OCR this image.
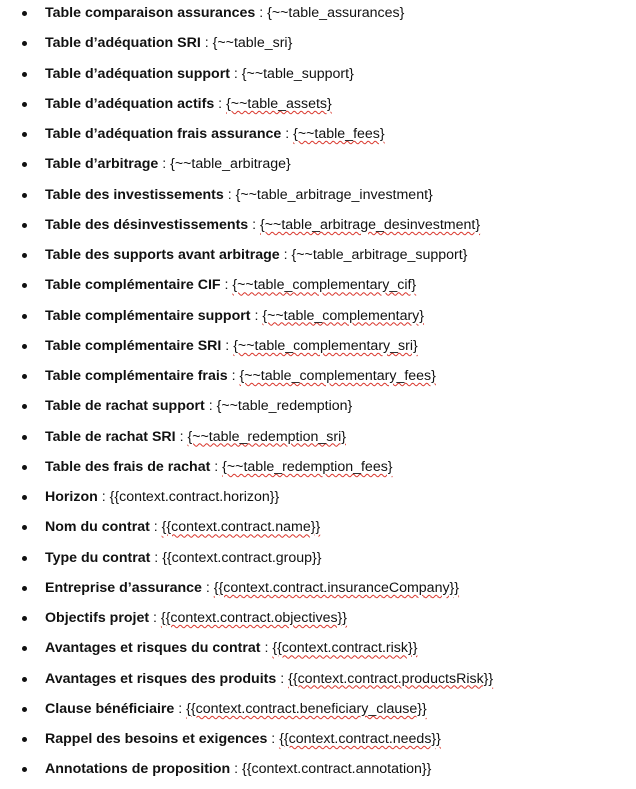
Table comparaison assurances : {~~table_assurances}
Table d’adéquation SRI : {~~table_sri}
Table d’adéquation support : {~~table_support}
Table d’adéquation actifs : {~~table_assets}
Table d’adéquation frais assurance : {~~table_fees}
Table d’arbitrage : {~~table_arbitrage}
Table des investissements : {~~table_arbitrage_investment}
Table des désinvestissements : {~~table_arbitrage_desinvestment}
Table des supports avant arbitrage : {~~table_arbitrage_support}
Table complémentaire CIF : {~~table_complementary_cif}
Table complémentaire support : {~~table_complementary}
Table complémentaire SRI : {~~table_complementary_sri}
Table complémentaire frais : {~~table_complementary_fees}
Table de rachat support : {~~table_redemption}
Table de rachat SRI : {~~table_redemption_sri}
Table des frais de rachat : {~~table_redemption_fees}
Horizon : {{context.contract.horizon}}
Nom du contrat : {{context.contract.name}}
Type du contrat : {{context.contract.group}}
Entreprise d’assurance : {{context.contract.insuranceCompany}}
Objectifs projet : {{context.contract.objectives}}
Avantages et risques du contrat : {{context.contract.risk}}
Avantages et risques des produits : {{context.contract.productsRisk}}
Clause bénéficiaire : {{context.contract.beneficiary_clause}}
Rappel des besoins et exigences : {{context.contract.needs}}
Annotations de proposition : {{context.contract.annotation}}
